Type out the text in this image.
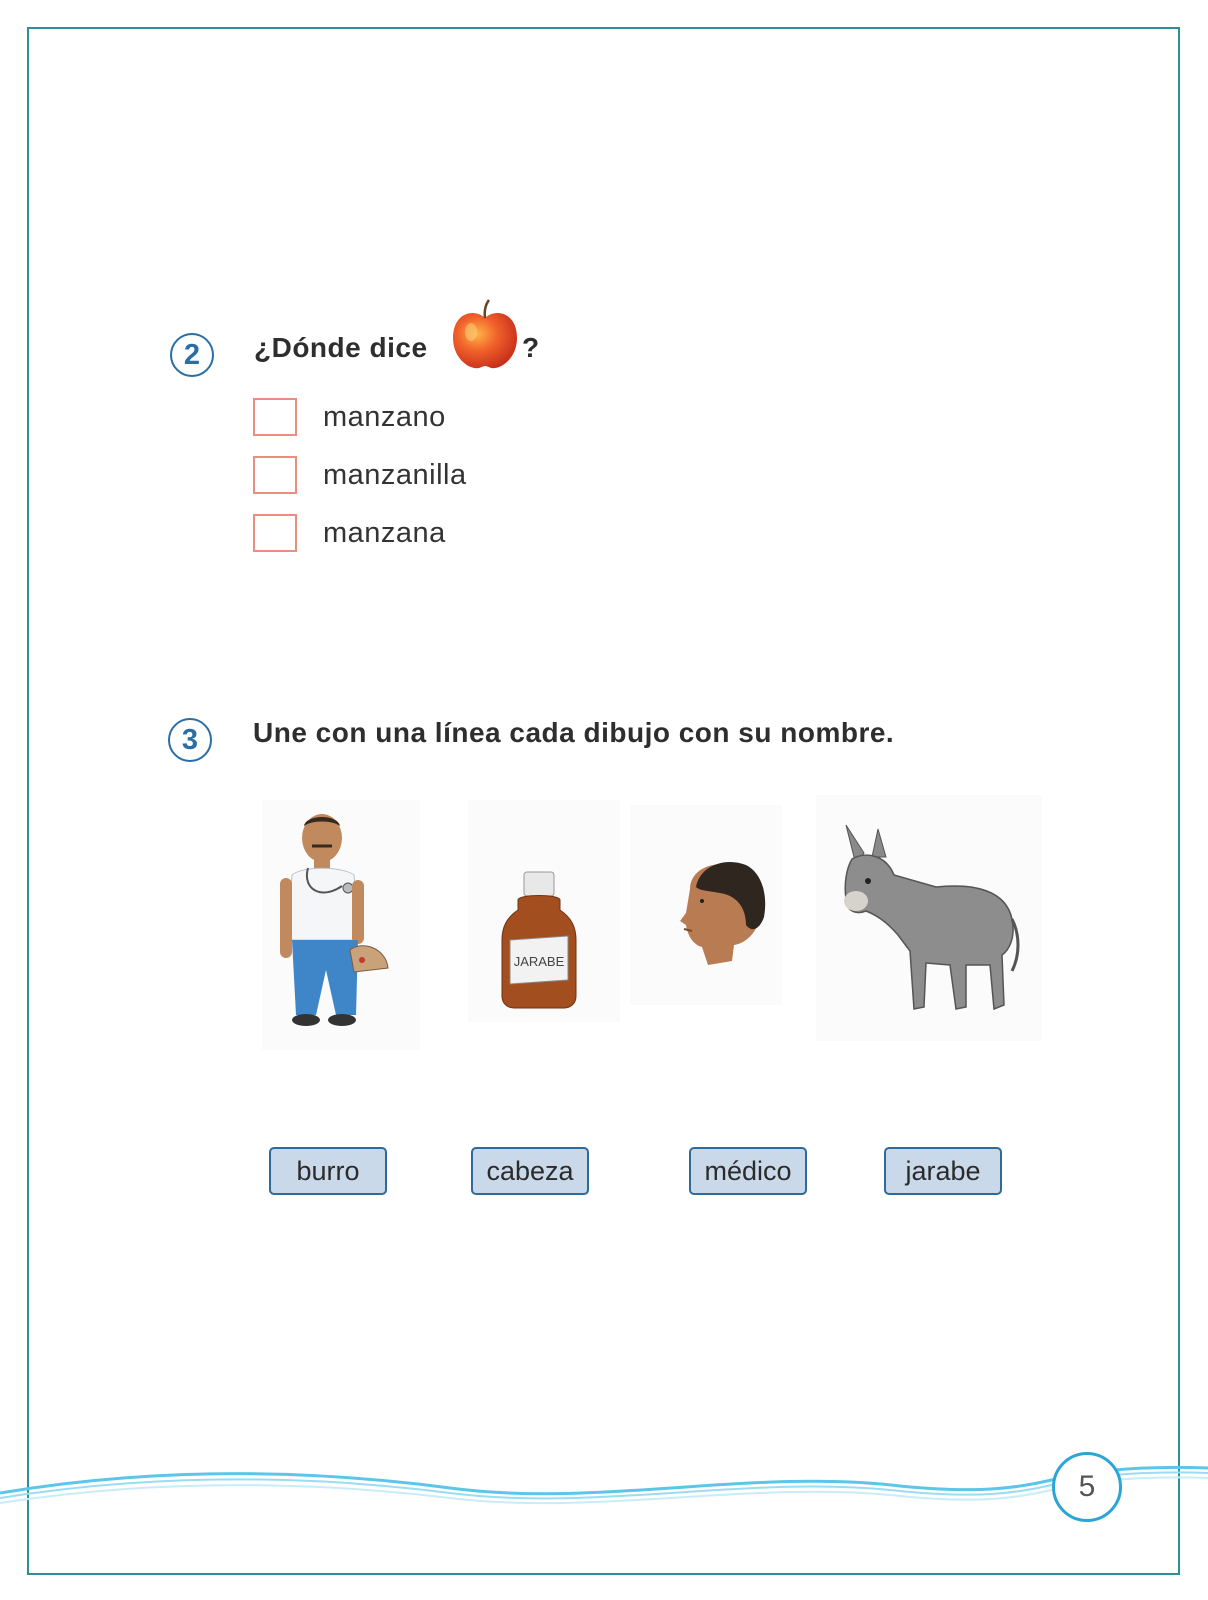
2	¿Dónde dice	?
manzano
manzanilla
manzana
3	Une con una línea cada dibujo con su nombre.
JARABE
burro	cabeza	médico	jarabe
5
